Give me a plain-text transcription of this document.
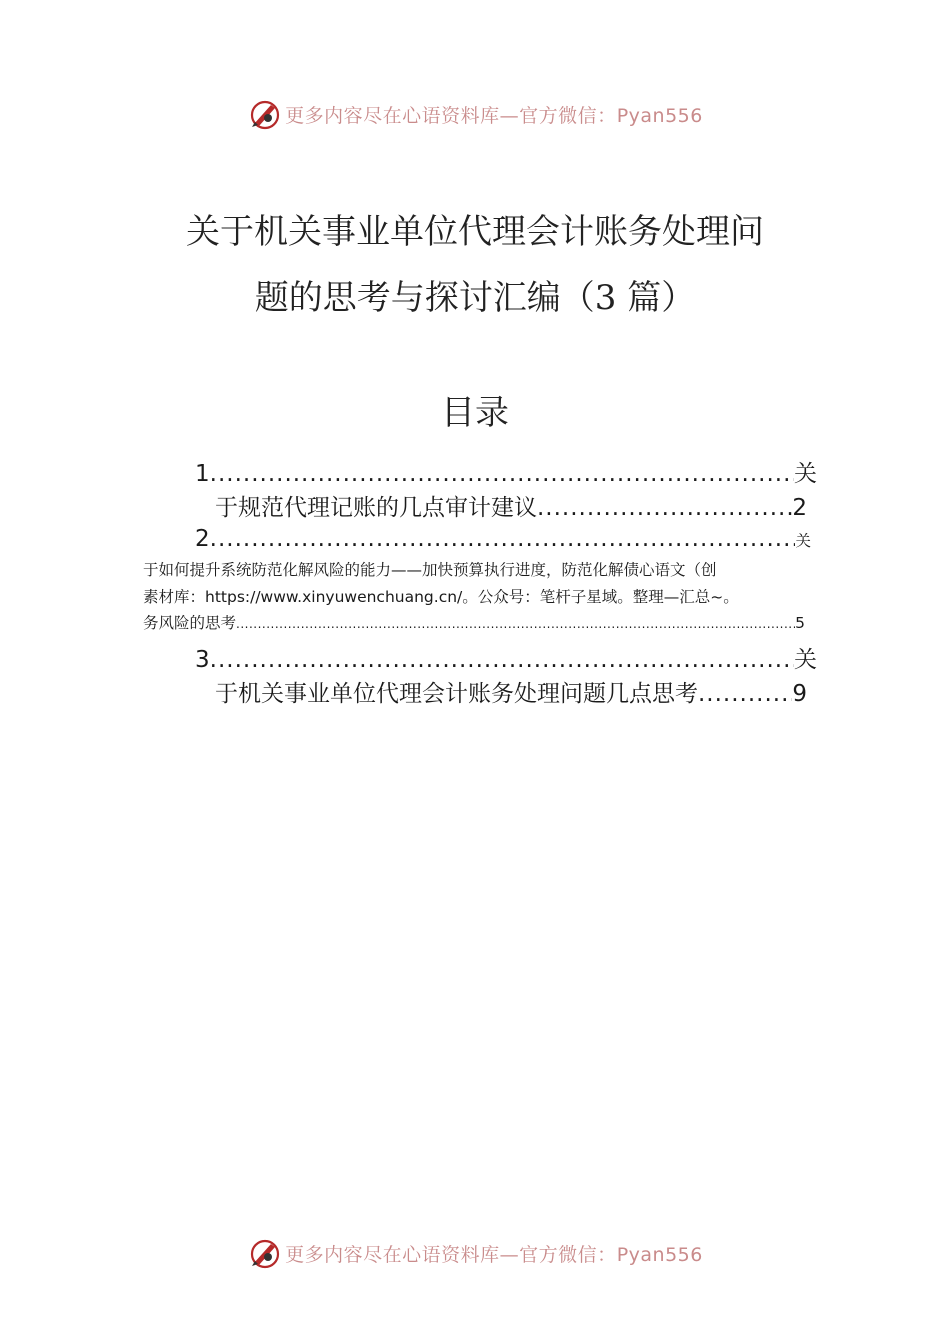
更多内容尽在心语资料库—官方微信：Pyan556
关于机关事业单位代理会计账务处理问
题的思考与探讨汇编（3 篇）
目录
1 .....	关
于规范代理记账的几点审计建议 .....	2
2 .....	关
于如何提升系统防范化解风险的能力——加快预算执行进度，防范化解债心语文（创
素材库：https://www.xinyuwenchuang.cn/。公众号：笔杆子星域。整理—汇总~。
务风险的思考 .....	5
3 .....	关
于机关事业单位代理会计账务处理问题几点思考 .....	9
更多内容尽在心语资料库—官方微信：Pyan556
